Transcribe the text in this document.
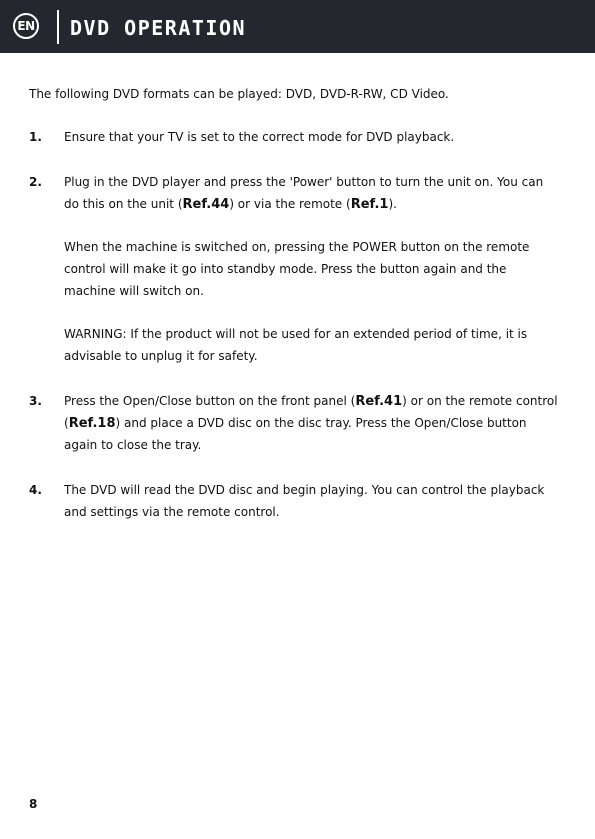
EN DVD OPERATION
The following DVD formats can be played: DVD, DVD-R-RW, CD Video.
1. Ensure that your TV is set to the correct mode for DVD playback.
2. Plug in the DVD player and press the 'Power' button to turn the unit on. You can
do this on the unit (Ref.44) or via the remote (Ref.1).
When the machine is switched on, pressing the POWER button on the remote
control will make it go into standby mode. Press the button again and the
machine will switch on.
WARNING: If the product will not be used for an extended period of time, it is
advisable to unplug it for safety.
3. Press the Open/Close button on the front panel (Ref.41) or on the remote control
(Ref.18) and place a DVD disc on the disc tray. Press the Open/Close button
again to close the tray.
4. The DVD will read the DVD disc and begin playing. You can control the playback
and settings via the remote control.
8
